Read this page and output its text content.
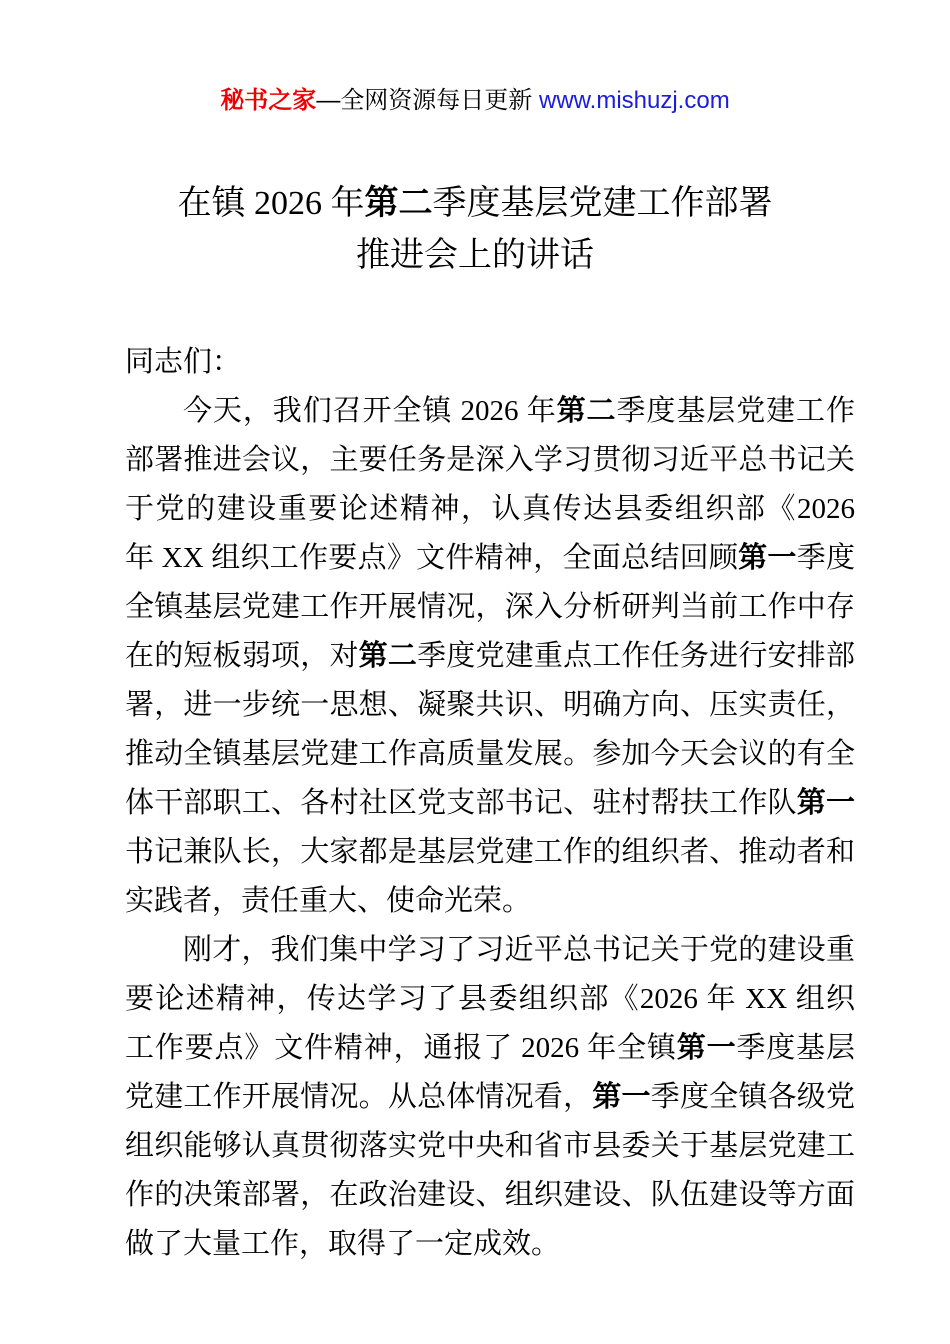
秘书之家—全网资源每日更新 www.mishuzj.com
在镇 2026 年第二季度基层党建工作部署
推进会上的讲话

同志们：

今天，我们召开全镇 2026 年第二季度基层党建工作部署推进会议，主要任务是深入学习贯彻习近平总书记关于党的建设重要论述精神，认真传达县委组织部《2026 年 XX 组织工作要点》文件精神，全面总结回顾第一季度全镇基层党建工作开展情况，深入分析研判当前工作中存在的短板弱项，对第二季度党建重点工作任务进行安排部署，进一步统一思想、凝聚共识、明确方向、压实责任，推动全镇基层党建工作高质量发展。参加今天会议的有全体干部职工、各村社区党支部书记、驻村帮扶工作队第一书记兼队长，大家都是基层党建工作的组织者、推动者和实践者，责任重大、使命光荣。

刚才，我们集中学习了习近平总书记关于党的建设重要论述精神，传达学习了县委组织部《2026 年 XX 组织工作要点》文件精神，通报了 2026 年全镇第一季度基层党建工作开展情况。从总体情况看，第一季度全镇各级党组织能够认真贯彻落实党中央和省市县委关于基层党建工作的决策部署，在政治建设、组织建设、队伍建设等方面做了大量工作，取得了一定成效。
